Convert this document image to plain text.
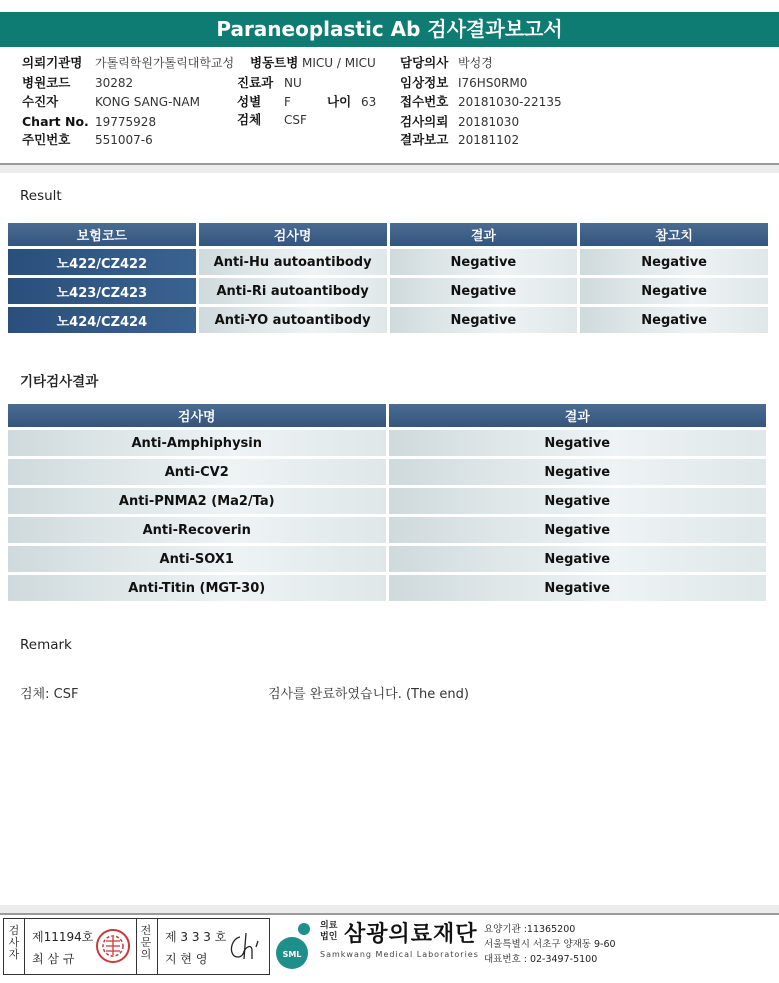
Paraneoplastic Ab 검사결과보고서
의뢰기관명 가톨릭학원가톨릭대학교성 병동트병 MICU / MICU 담당의사 박성경
병원코드 30282	진료과 NU	임상정보 I76HS0RM0
수진자	KONG SANG-NAM	성별 F	나이 63 접수번호 20181030-22135
Chart No. 19775928	검체 CSF	검사의뢰 20181030
주민번호 551007-6	결과보고 20181102
Result
보험코드	검사명	결과	참고치
노422/CZ422	Anti-Hu autoantibody	Negative	Negative
노423/CZ423	Anti-Ri autoantibody	Negative	Negative
노424/CZ424	Anti-YO autoantibody	Negative	Negative
기타검사결과
검사명	결과
Anti-Amphiphysin	Negative
Anti-CV2	Negative
Anti-PNMA2 (Ma2/Ta)	Negative
Anti-Recoverin	Negative
Anti-SOX1	Negative
Anti-Titin (MGT-30)	Negative
Remark
검체: CSF	검사를 완료하였습니다. (The end)
검사자
제11194호
최 삼 규
전문의
제 3 3 3 호
지 현 영	SML
의료
법인 삼광의료재단
Samkwang Medical Laboratories
요양기관 :11365200
서울특별시 서초구 양재동 9-60
대표번호 : 02-3497-5100
